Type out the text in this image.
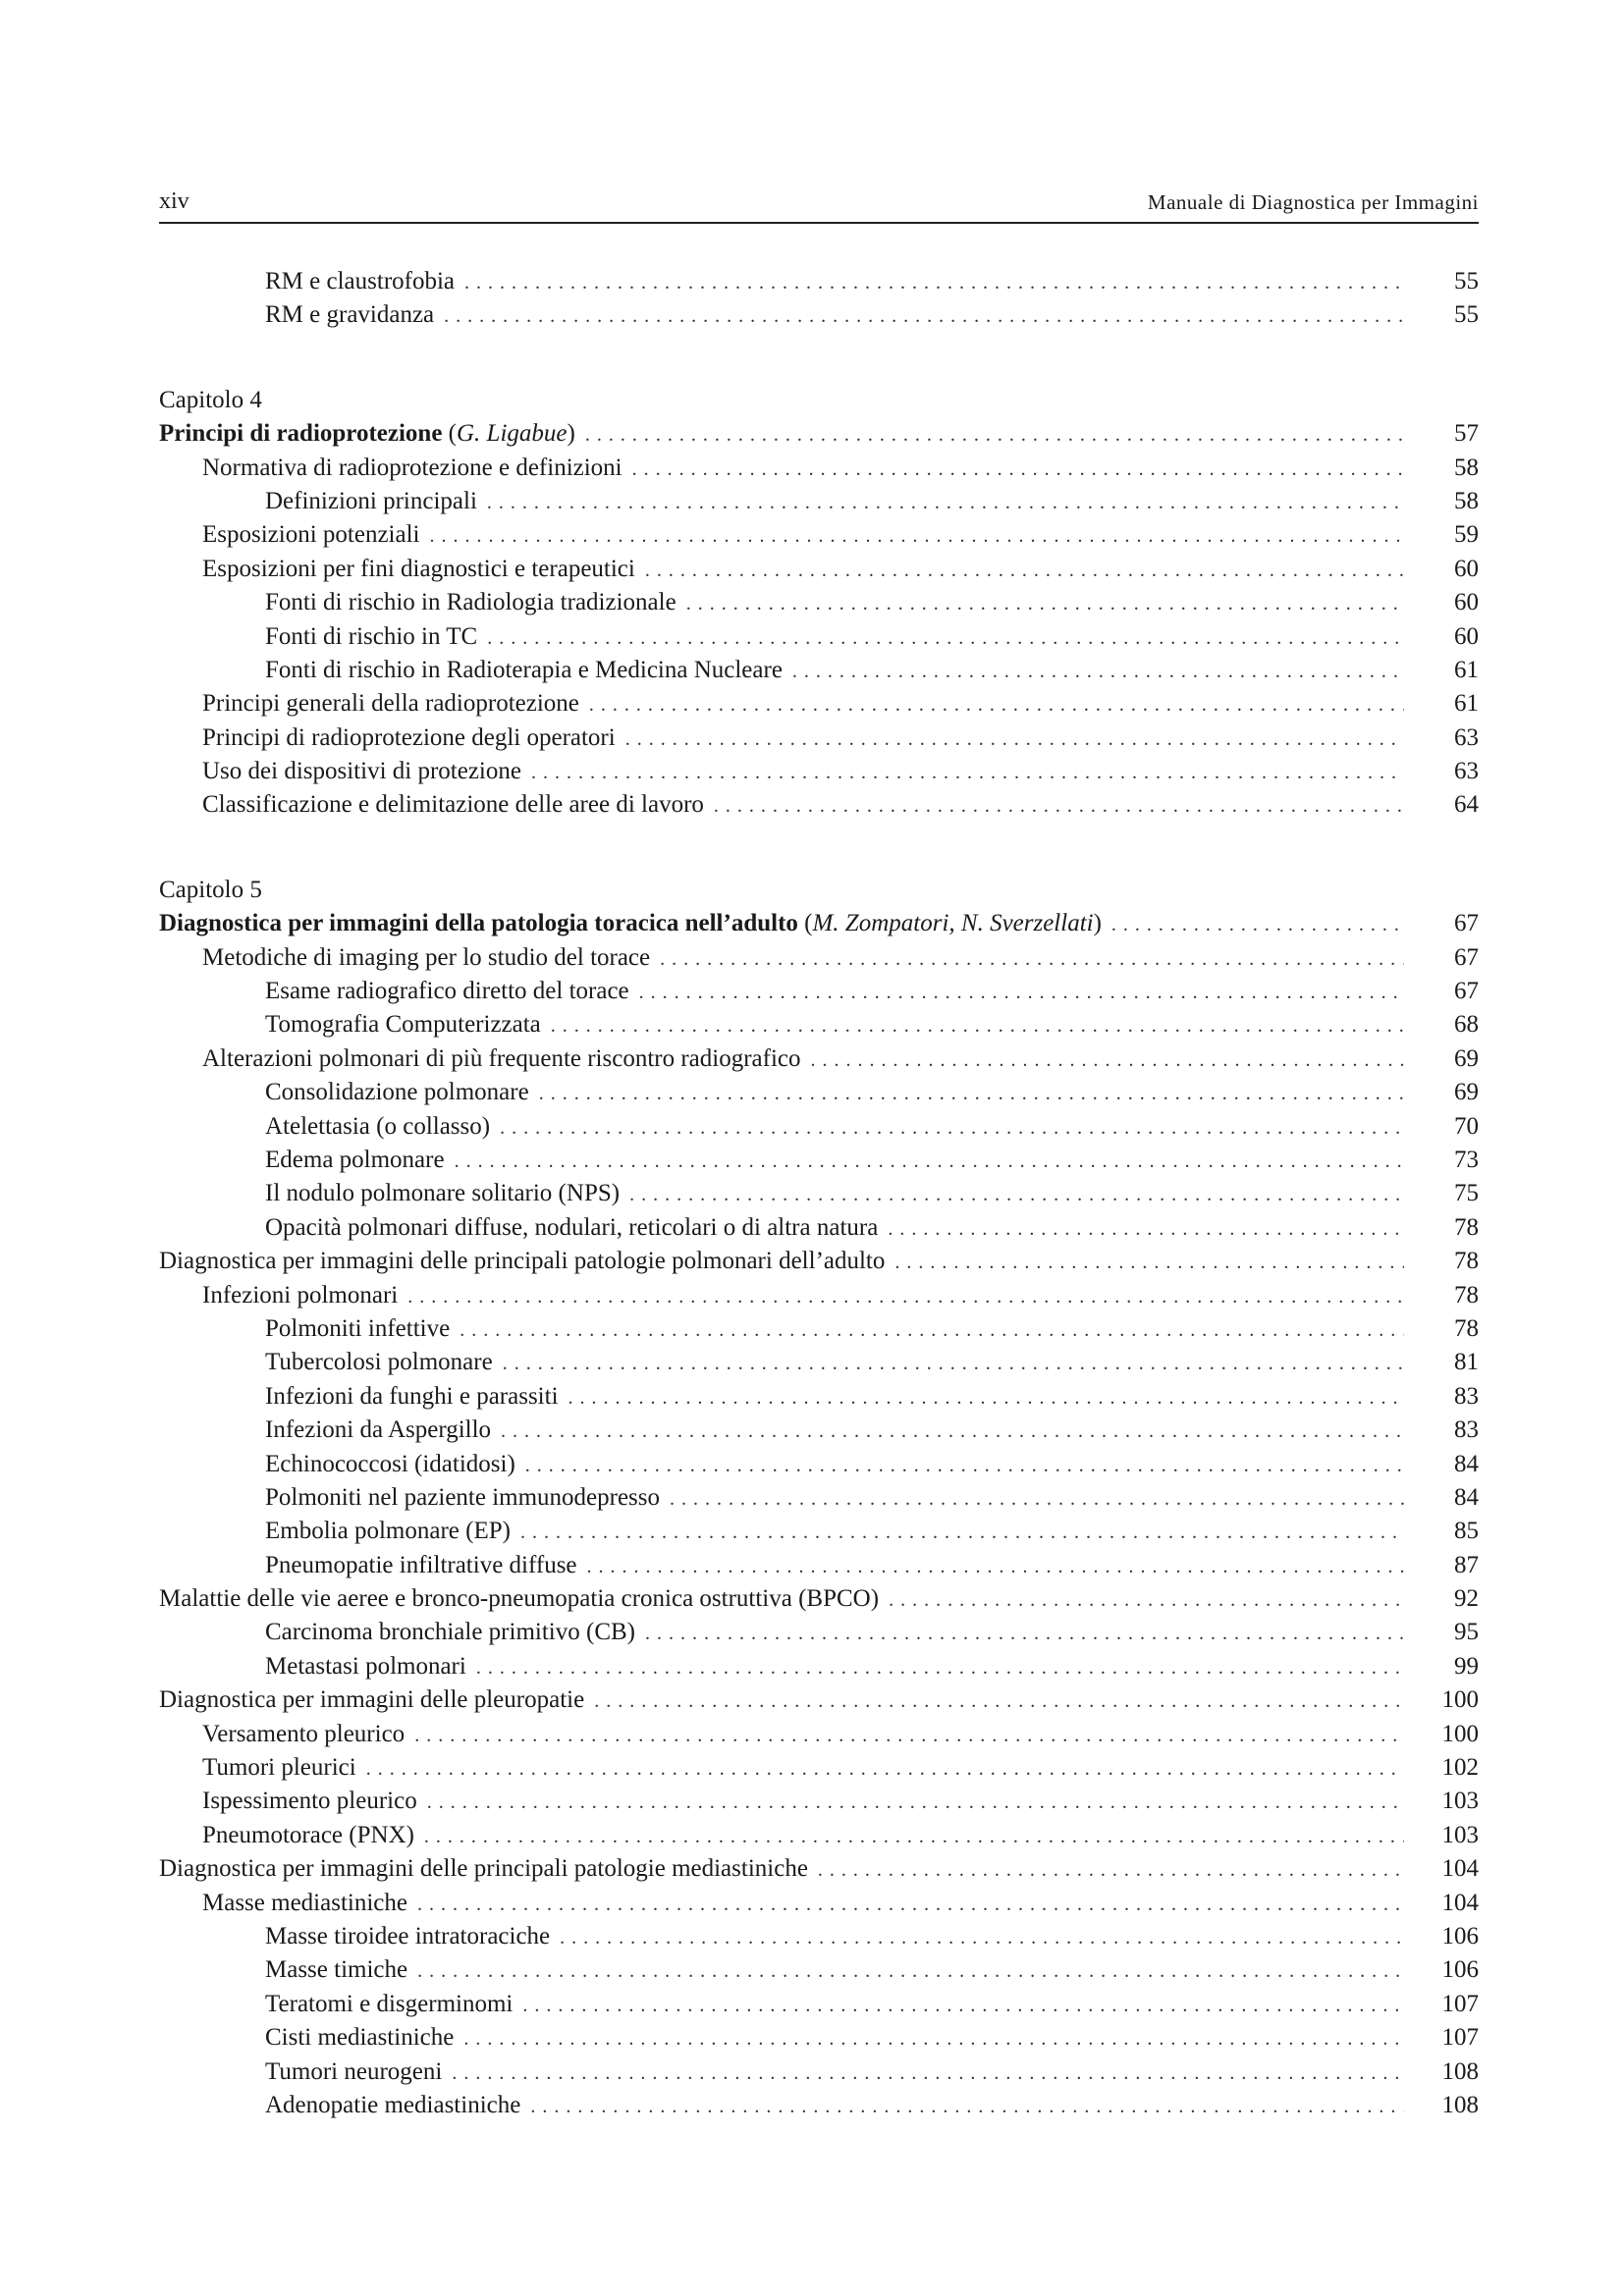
xiv	Manuale di Diagnostica per Immagini
RM e claustrofobia . . .	55
RM e gravidanza . . .	55
Capitolo 4
Principi di radioprotezione (G. Ligabue) . . .	57
Normativa di radioprotezione e definizioni . . .	58
Definizioni principali . . .	58
Esposizioni potenziali . . .	59
Esposizioni per fini diagnostici e terapeutici . . .	60
Fonti di rischio in Radiologia tradizionale . . .	60
Fonti di rischio in TC . . .	60
Fonti di rischio in Radioterapia e Medicina Nucleare . . .	61
Principi generali della radioprotezione . . .	61
Principi di radioprotezione degli operatori . . .	63
Uso dei dispositivi di protezione . . .	63
Classificazione e delimitazione delle aree di lavoro . . .	64
Capitolo 5
Diagnostica per immagini della patologia toracica nell’adulto (M. Zompatori, N. Sverzellati) . . .	67
Metodiche di imaging per lo studio del torace . . .	67
Esame radiografico diretto del torace . . .	67
Tomografia Computerizzata . . .	68
Alterazioni polmonari di più frequente riscontro radiografico . . .	69
Consolidazione polmonare . . .	69
Atelettasia (o collasso) . . .	70
Edema polmonare . . .	73
Il nodulo polmonare solitario (NPS) . . .	75
Opacità polmonari diffuse, nodulari, reticolari o di altra natura . . .	78
Diagnostica per immagini delle principali patologie polmonari dell’adulto . . .	78
Infezioni polmonari . . .	78
Polmoniti infettive . . .	78
Tubercolosi polmonare . . .	81
Infezioni da funghi e parassiti . . .	83
Infezioni da Aspergillo . . .	83
Echinococcosi (idatidosi) . . .	84
Polmoniti nel paziente immunodepresso . . .	84
Embolia polmonare (EP) . . .	85
Pneumopatie infiltrative diffuse . . .	87
Malattie delle vie aeree e bronco-pneumopatia cronica ostruttiva (BPCO) . . .	92
Carcinoma bronchiale primitivo (CB) . . .	95
Metastasi polmonari . . .	99
Diagnostica per immagini delle pleuropatie . . .	100
Versamento pleurico . . .	100
Tumori pleurici . . .	102
Ispessimento pleurico . . .	103
Pneumotorace (PNX) . . .	103
Diagnostica per immagini delle principali patologie mediastiniche . . .	104
Masse mediastiniche . . .	104
Masse tiroidee intratoraciche . . .	106
Masse timiche . . .	106
Teratomi e disgerminomi . . .	107
Cisti mediastiniche . . .	107
Tumori neurogeni . . .	108
Adenopatie mediastiniche . . .	108
